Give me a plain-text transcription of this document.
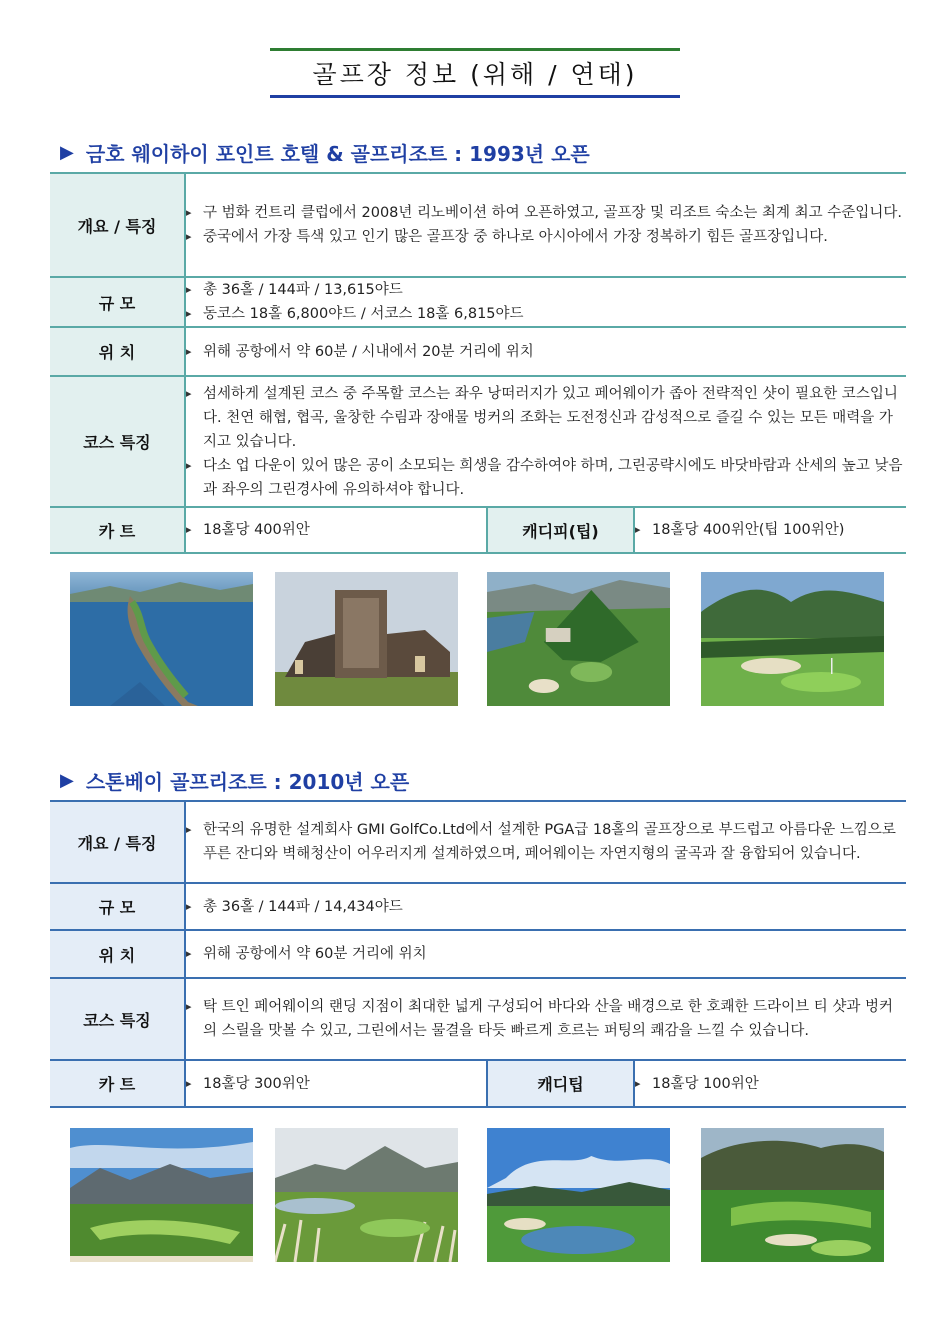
골프장 정보 (위해 / 연태)
▶ 금호 웨이하이 포인트 호텔 & 골프리조트 : 1993년 오픈
개요 / 특징	▸ 구 범화 컨트리 클럽에서 2008년 리노베이션 하여 오픈하였고, 골프장 및 리조트 숙소는 최계 최고 수준입니다.
▸ 중국에서 가장 특색 있고 인기 많은 골프장 중 하나로 아시아에서 가장 정복하기 힘든 골프장입니다.

규 모	▸ 총 36홀 / 144파 / 13,615야드
▸ 동코스 18홀 6,800야드 / 서코스 18홀 6,815야드

위 치	▸ 위해 공항에서 약 60분 / 시내에서 20분 거리에 위치

코스 특징	▸ 섬세하게 설계된 코스 중 주목할 코스는 좌우 낭떠러지가 있고 페어웨이가 좁아 전략적인 샷이 필요한 코스입니다. 천연 해협, 협곡, 울창한 수림과 장애물 벙커의 조화는 도전정신과 감성적으로 즐길 수 있는 모든 매력을 가지고 있습니다.
▸ 다소 업 다운이 있어 많은 공이 소모되는 희생을 감수하여야 하며, 그린공략시에도 바닷바람과 산세의 높고 낮음과 좌우의 그린경사에 유의하셔야 합니다.

카 트	▸ 18홀당 400위안	캐디피(팁)	▸ 18홀당 400위안(팁 100위안)
▶ 스톤베이 골프리조트 : 2010년 오픈
개요 / 특징	▸ 한국의 유명한 설계회사 GMI GolfCo.Ltd에서 설계한 PGA급 18홀의 골프장으로 부드럽고 아름다운 느낌으로 푸른 잔디와 벽해청산이 어우러지게 설계하였으며, 페어웨이는 자연지형의 굴곡과 잘 융합되어 있습니다.

규 모	▸ 총 36홀 / 144파 / 14,434야드

위 치	▸ 위해 공항에서 약 60분 거리에 위치

코스 특징	▸ 탁 트인 페어웨이의 랜딩 지점이 최대한 넓게 구성되어 바다와 산을 배경으로 한 호쾌한 드라이브 티 샷과 벙커의 스릴을 맛볼 수 있고, 그린에서는 물결을 타듯 빠르게 흐르는 퍼팅의 쾌감을 느낄 수 있습니다.

카 트	▸ 18홀당 300위안	캐디팁	▸ 18홀당 100위안
